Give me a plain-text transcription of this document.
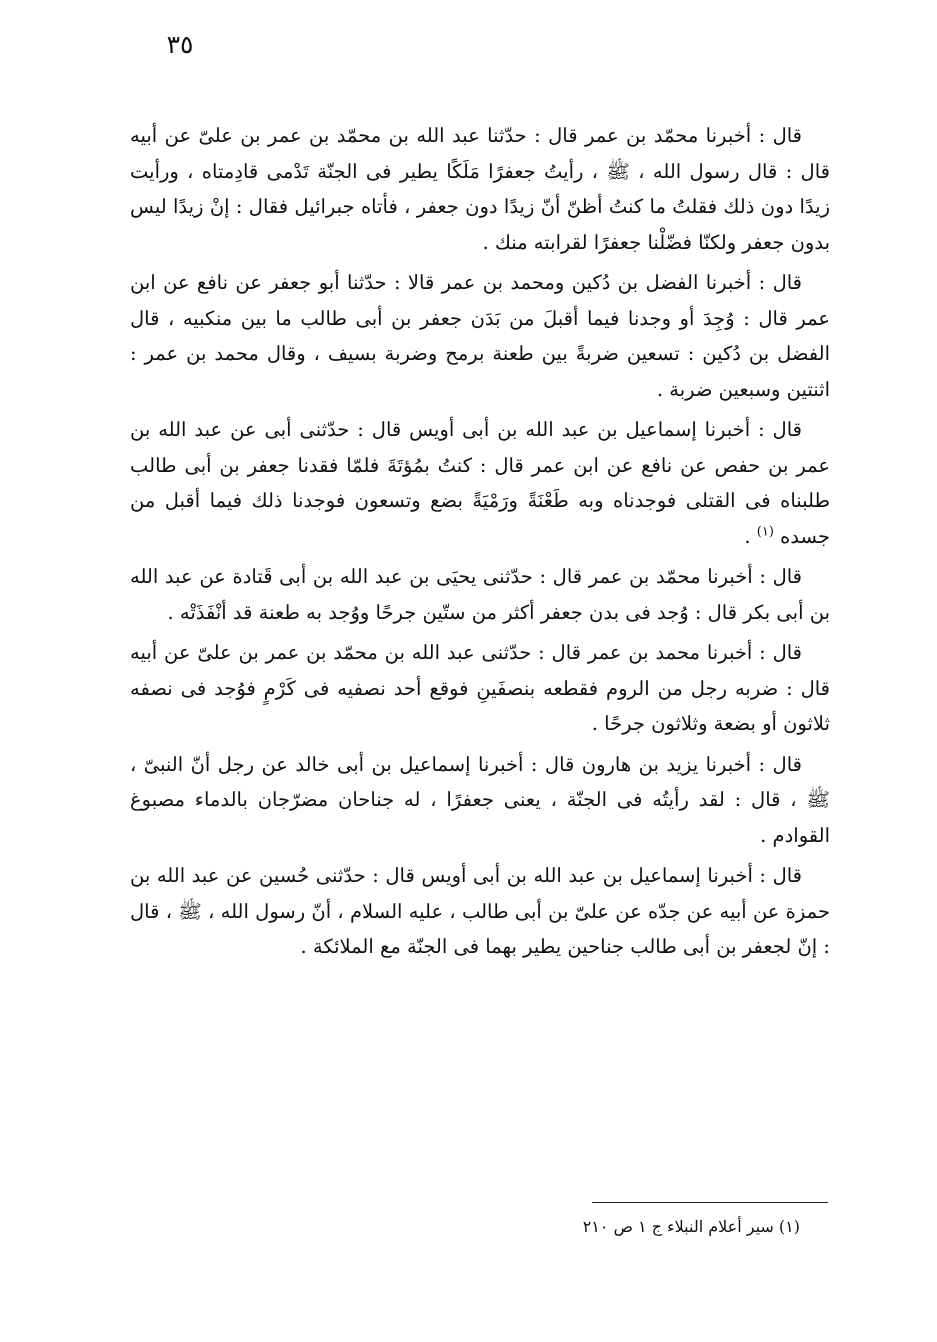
٣٥

قال : أخبرنا محمّد بن عمر قال : حدّثنا عبد الله بن محمّد بن عمر بن علىّ عن أبيه قال : قال رسول الله ، ﷺ ، رأيتُ جعفرًا مَلَكًا يطير فى الجنّة تَدْمى قادِمتاه ، ورأيت زيدًا دون ذلك فقلتُ ما كنتُ أظنّ أنّ زيدًا دون جعفر ، فأتاه جبرائيل فقال : إنْ زيدًا ليس بدون جعفر ولكنّا فضّلْنا جعفرًا لقرابته منك .

قال : أخبرنا الفضل بن دُكين ومحمد بن عمر قالا : حدّثنا أبو جعفر عن نافع عن ابن عمر قال : وُجِدَ أو وجدنا فيما أقبلَ من بَدَن جعفر بن أبى طالب ما بين منكبيه ، قال الفضل بن دُكين : تسعين ضربةً بين طعنة برمح وضربة بسيف ، وقال محمد بن عمر : اثنتين وسبعين ضربة .

قال : أخبرنا إسماعيل بن عبد الله بن أبى أويس قال : حدّثنى أبى عن عبد الله بن عمر بن حفص عن نافع عن ابن عمر قال : كنتُ بمُؤتَةَ فلمّا فقدنا جعفر بن أبى طالب طلبناه فى القتلى فوجدناه وبه طَعْنَةً ورَمْيَةً بضع وتسعون فوجدنا ذلك فيما أقبل من جسده $^{(١)}$ .

قال : أخبرنا محمّد بن عمر قال : حدّثنى يحيَى بن عبد الله بن أبى قَتادة عن عبد الله بن أبى بكر قال : وُجد فى بدن جعفر أكثر من ستّين جرحًا ووُجد به طعنة قد أنْفَذَتْه .

قال : أخبرنا محمد بن عمر قال : حدّثنى عبد الله بن محمّد بن عمر بن علىّ عن أبيه قال : ضربه رجل من الروم فقطعه بنصفَينِ فوقع أحد نصفيه فى كَرْمٍ فوُجد فى نصفه ثلاثون أو بضعة وثلاثون جرحًا .

قال : أخبرنا يزيد بن هارون قال : أخبرنا إسماعيل بن أبى خالد عن رجل أنّ النبىّ ، ﷺ ، قال : لقد رأيتُه فى الجنّة ، يعنى جعفرًا ، له جناحان مضرّجان بالدماء مصبوغ القوادم .

قال : أخبرنا إسماعيل بن عبد الله بن أبى أويس قال : حدّثنى حُسين عن عبد الله بن حمزة عن أبيه عن جدّه عن علىّ بن أبى طالب ، عليه السلام ، أنّ رسول الله ، ﷺ ، قال : إنّ لجعفر بن أبى طالب جناحين يطير بهما فى الجنّة مع الملائكة .

(١) سير أعلام النبلاء ج ١ ص ٢١٠
